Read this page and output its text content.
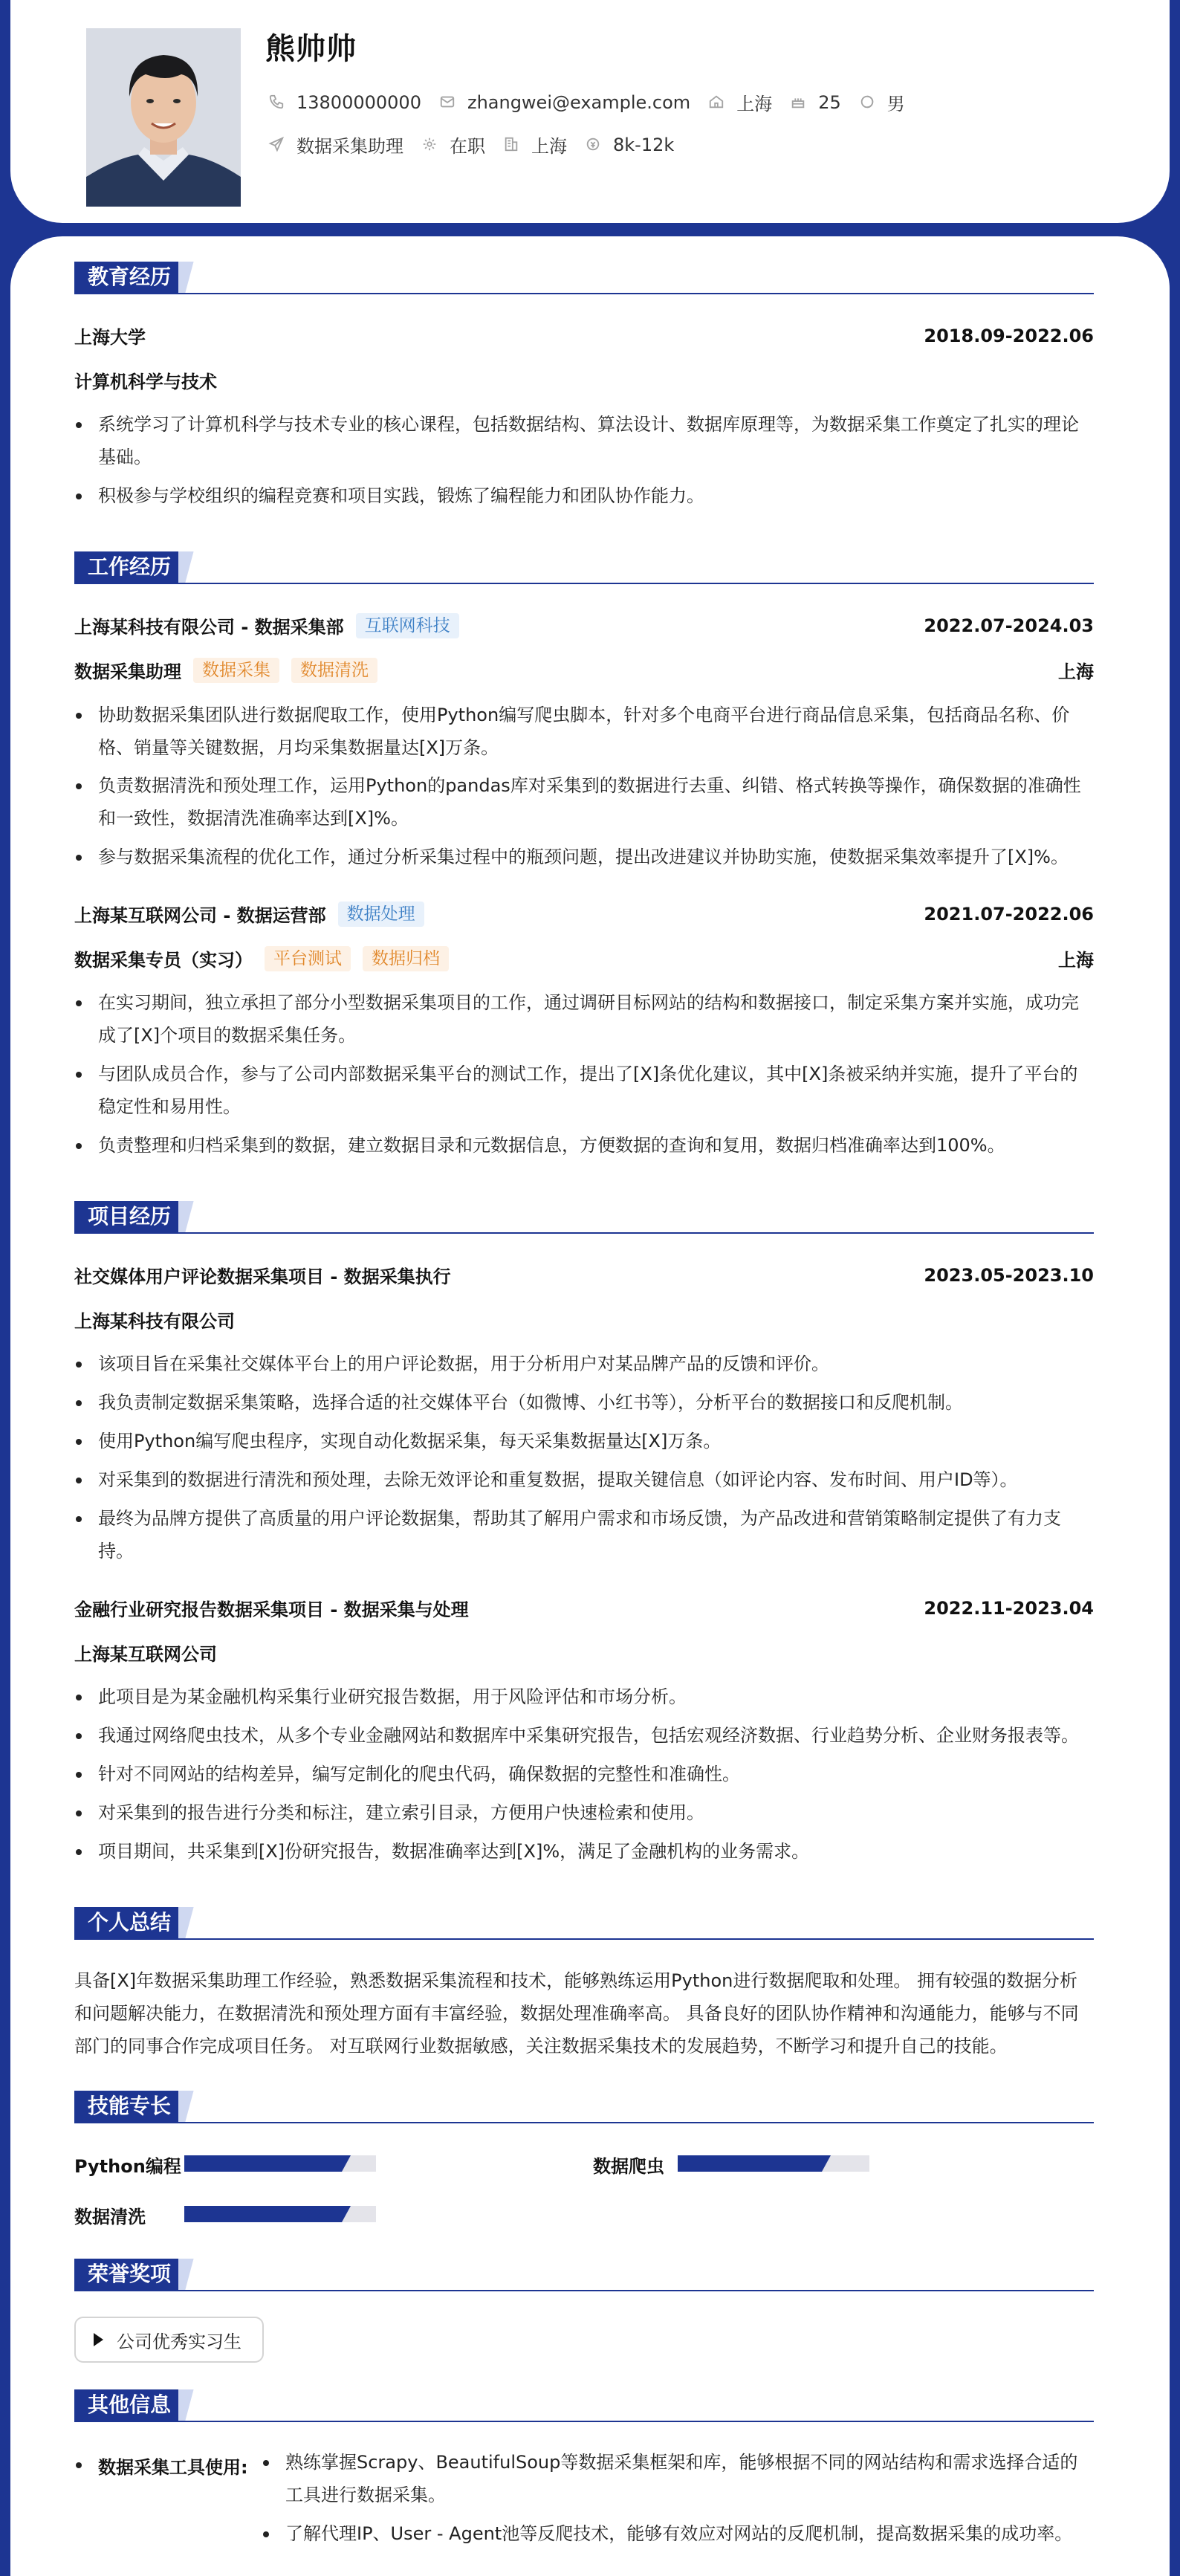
熊帅帅
13800000000	zhangwei@example.com	上海	25	男
数据采集助理	在职	上海	8k-12k
教育经历
上海大学	2018.09-2022.06
计算机科学与技术
系统学习了计算机科学与技术专业的核心课程，包括数据结构、算法设计、数据库原理等，为数据采集工作奠定了扎实的理论基础。
积极参与学校组织的编程竞赛和项目实践，锻炼了编程能力和团队协作能力。
工作经历
上海某科技有限公司 - 数据采集部	互联网科技	2022.07-2024.03
数据采集助理	数据采集	数据清洗	上海
协助数据采集团队进行数据爬取工作，使用Python编写爬虫脚本，针对多个电商平台进行商品信息采集，包括商品名称、价格、销量等关键数据，月均采集数据量达[X]万条。
负责数据清洗和预处理工作，运用Python的pandas库对采集到的数据进行去重、纠错、格式转换等操作，确保数据的准确性和一致性，数据清洗准确率达到[X]%。
参与数据采集流程的优化工作，通过分析采集过程中的瓶颈问题，提出改进建议并协助实施，使数据采集效率提升了[X]%。
上海某互联网公司 - 数据运营部	数据处理	2021.07-2022.06
数据采集专员（实习）	平台测试	数据归档	上海
在实习期间，独立承担了部分小型数据采集项目的工作，通过调研目标网站的结构和数据接口，制定采集方案并实施，成功完成了[X]个项目的数据采集任务。
与团队成员合作，参与了公司内部数据采集平台的测试工作，提出了[X]条优化建议，其中[X]条被采纳并实施，提升了平台的稳定性和易用性。
负责整理和归档采集到的数据，建立数据目录和元数据信息，方便数据的查询和复用，数据归档准确率达到100%。
项目经历
社交媒体用户评论数据采集项目 - 数据采集执行	2023.05-2023.10
上海某科技有限公司
该项目旨在采集社交媒体平台上的用户评论数据，用于分析用户对某品牌产品的反馈和评价。
我负责制定数据采集策略，选择合适的社交媒体平台（如微博、小红书等），分析平台的数据接口和反爬机制。
使用Python编写爬虫程序，实现自动化数据采集，每天采集数据量达[X]万条。
对采集到的数据进行清洗和预处理，去除无效评论和重复数据，提取关键信息（如评论内容、发布时间、用户ID等）。
最终为品牌方提供了高质量的用户评论数据集，帮助其了解用户需求和市场反馈，为产品改进和营销策略制定提供了有力支持。
金融行业研究报告数据采集项目 - 数据采集与处理	2022.11-2023.04
上海某互联网公司
此项目是为某金融机构采集行业研究报告数据，用于风险评估和市场分析。
我通过网络爬虫技术，从多个专业金融网站和数据库中采集研究报告，包括宏观经济数据、行业趋势分析、企业财务报表等。
针对不同网站的结构差异，编写定制化的爬虫代码，确保数据的完整性和准确性。
对采集到的报告进行分类和标注，建立索引目录，方便用户快速检索和使用。
项目期间，共采集到[X]份研究报告，数据准确率达到[X]%，满足了金融机构的业务需求。
个人总结
具备[X]年数据采集助理工作经验，熟悉数据采集流程和技术，能够熟练运用Python进行数据爬取和处理。 拥有较强的数据分析和问题解决能力，在数据清洗和预处理方面有丰富经验，数据处理准确率高。 具备良好的团队协作精神和沟通能力，能够与不同部门的同事合作完成项目任务。 对互联网行业数据敏感，关注数据采集技术的发展趋势，不断学习和提升自己的技能。
技能专长
Python编程	数据爬虫
数据清洗
荣誉奖项
公司优秀实习生
其他信息
数据采集工具使用:	熟练掌握Scrapy、BeautifulSoup等数据采集框架和库，能够根据不同的网站结构和需求选择合适的工具进行数据采集。
了解代理IP、User - Agent池等反爬技术，能够有效应对网站的反爬机制，提高数据采集的成功率。
